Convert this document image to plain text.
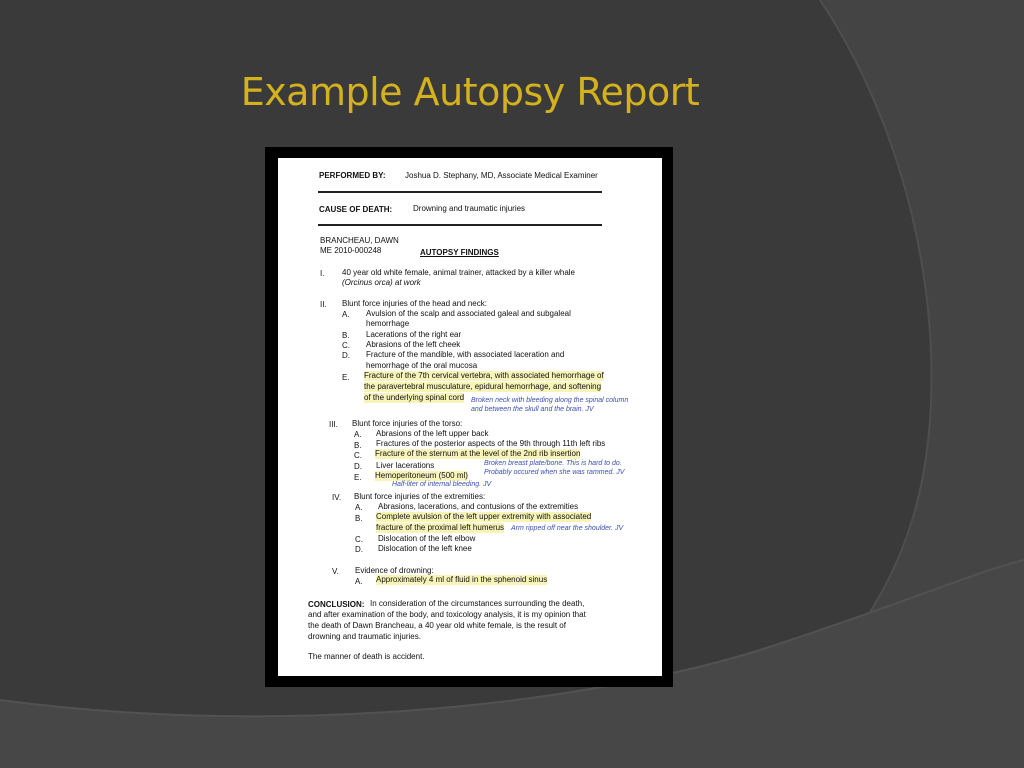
Example Autopsy Report
PERFORMED BY: Joshua D. Stephany, MD, Associate Medical Examiner
CAUSE OF DEATH:	Drowning and traumatic injuries
BRANCHEAU, DAWN
ME 2010-000248	AUTOPSY FINDINGS
I. 40 year old white female, animal trainer, attacked by a killer whale
(Orcinus orca) at work
II. Blunt force injuries of the head and neck:
A. Avulsion of the scalp and associated galeal and subgaleal
hemorrhage
B. Lacerations of the right ear
C. Abrasions of the left cheek
D. Fracture of the mandible, with associated laceration and
hemorrhage of the oral mucosa
E. Fracture of the 7th cervical vertebra, with associated hemorrhage of
the paravertebral musculature, epidural hemorrhage, and softening
of the underlying spinal cord Broken neck with bleeding along the spinal column
and between the skull and the brain. JV
III. Blunt force injuries of the torso:
A. Abrasions of the left upper back
B. Fractures of the posterior aspects of the 9th through 11th left ribs
C. Fracture of the sternum at the level of the 2nd rib insertion
D. Liver lacerations
E. Hemoperitoneum (500 ml)
Broken breast plate/bone. This is hard to do.
Probably occured when she was rammed. JV
Half-liter of internal bleeding. JV
IV. Blunt force injuries of the extremities:
A. Abrasions, lacerations, and contusions of the extremities
B. Complete avulsion of the left upper extremity with associated
fracture of the proximal left humerus Arm ripped off near the shoulder. JV
C. Dislocation of the left elbow
D. Dislocation of the left knee
V. Evidence of drowning:
A. Approximately 4 ml of fluid in the sphenoid sinus
CONCLUSION: In consideration of the circumstances surrounding the death,
and after examination of the body, and toxicology analysis, it is my opinion that
the death of Dawn Brancheau, a 40 year old white female, is the result of
drowning and traumatic injuries.
The manner of death is accident.
